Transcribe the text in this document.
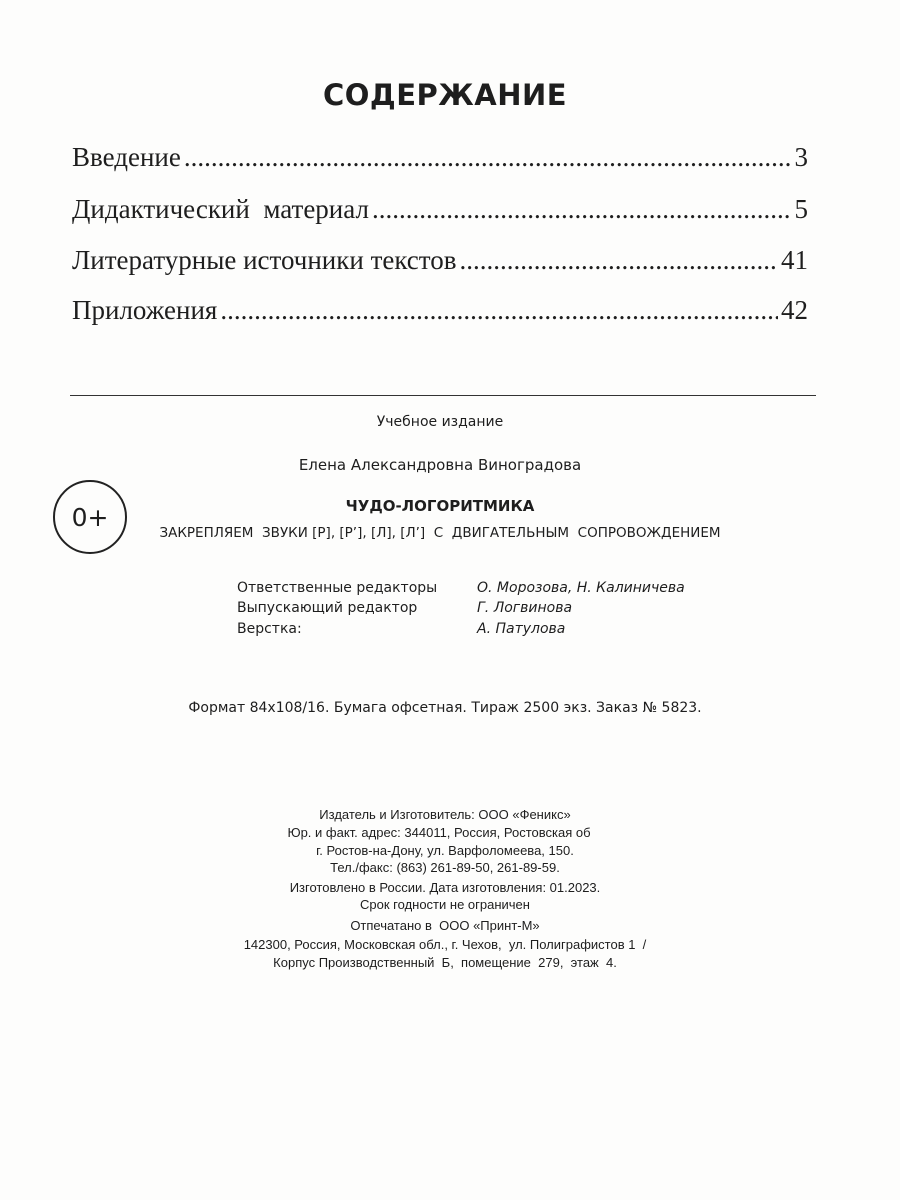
СОДЕРЖАНИЕ
Введение .....	3
Дидактический  материал .....	5
Литературные источники текстов .....	41
Приложения .....	42
Учебное издание
Елена Александровна Виноградова
0+	ЧУДО-ЛОГОРИТМИКА
ЗАКРЕПЛЯЕМ  ЗВУКИ [Р], [Р’], [Л], [Л’]  С  ДВИГАТЕЛЬНЫМ  СОПРОВОЖДЕНИЕМ
Ответственные редакторы	О. Морозова, Н. Калиничева
Выпускающий редактор	Г. Логвинова
Верстка:	А. Патулова
Формат 84х108/16. Бумага офсетная. Тираж 2500 экз. Заказ № 5823.
Издатель и Изготовитель: ООО «Феникс»
Юр. и факт. адрес: 344011, Россия, Ростовская об
г. Ростов-на-Дону, ул. Варфоломеева, 150.
Тел./факс: (863) 261-89-50, 261-89-59.
Изготовлено в России. Дата изготовления: 01.2023.
Срок годности не ограничен
Отпечатано в  ООО «Принт-М»
142300, Россия, Московская обл., г. Чехов,  ул. Полиграфистов 1  /
Корпус Производственный  Б,  помещение  279,  этаж  4.
